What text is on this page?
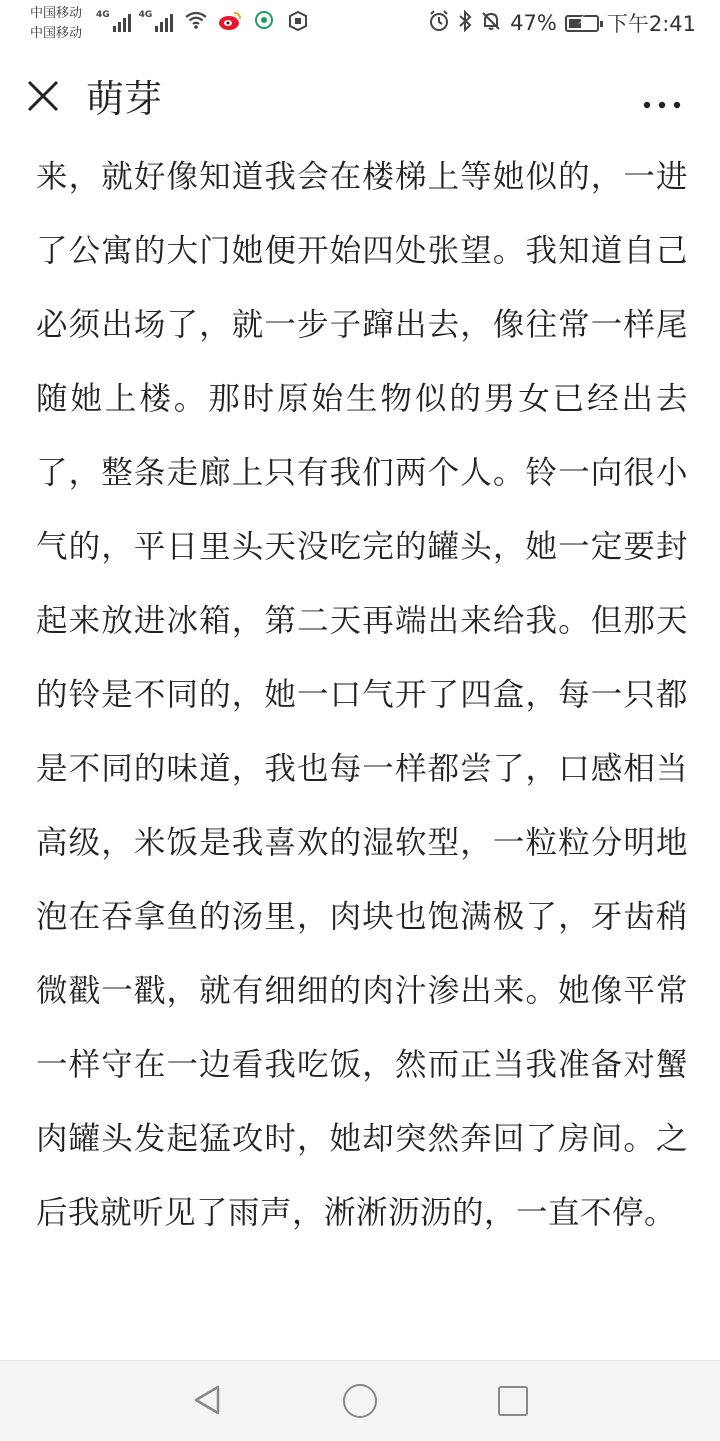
中国移动
中国移动
4G	4G	47%	⚡ 下午2:41
萌芽

来，就好像知道我会在楼梯上等她似的，一进了公寓的大门她便开始四处张望。我知道自己必须出场了，就一步子蹿出去，像往常一样尾随她上楼。那时原始生物似的男女已经出去了，整条走廊上只有我们两个人。铃一向很小气的，平日里头天没吃完的罐头，她一定要封起来放进冰箱，第二天再端出来给我。但那天的铃是不同的，她一口气开了四盒，每一只都是不同的味道，我也每一样都尝了，口感相当高级，米饭是我喜欢的湿软型，一粒粒分明地泡在吞拿鱼的汤里，肉块也饱满极了，牙齿稍微戳一戳，就有细细的肉汁渗出来。她像平常一样守在一边看我吃饭，然而正当我准备对蟹肉罐头发起猛攻时，她却突然奔回了房间。之后我就听见了雨声，淅淅沥沥的，一直不停。
